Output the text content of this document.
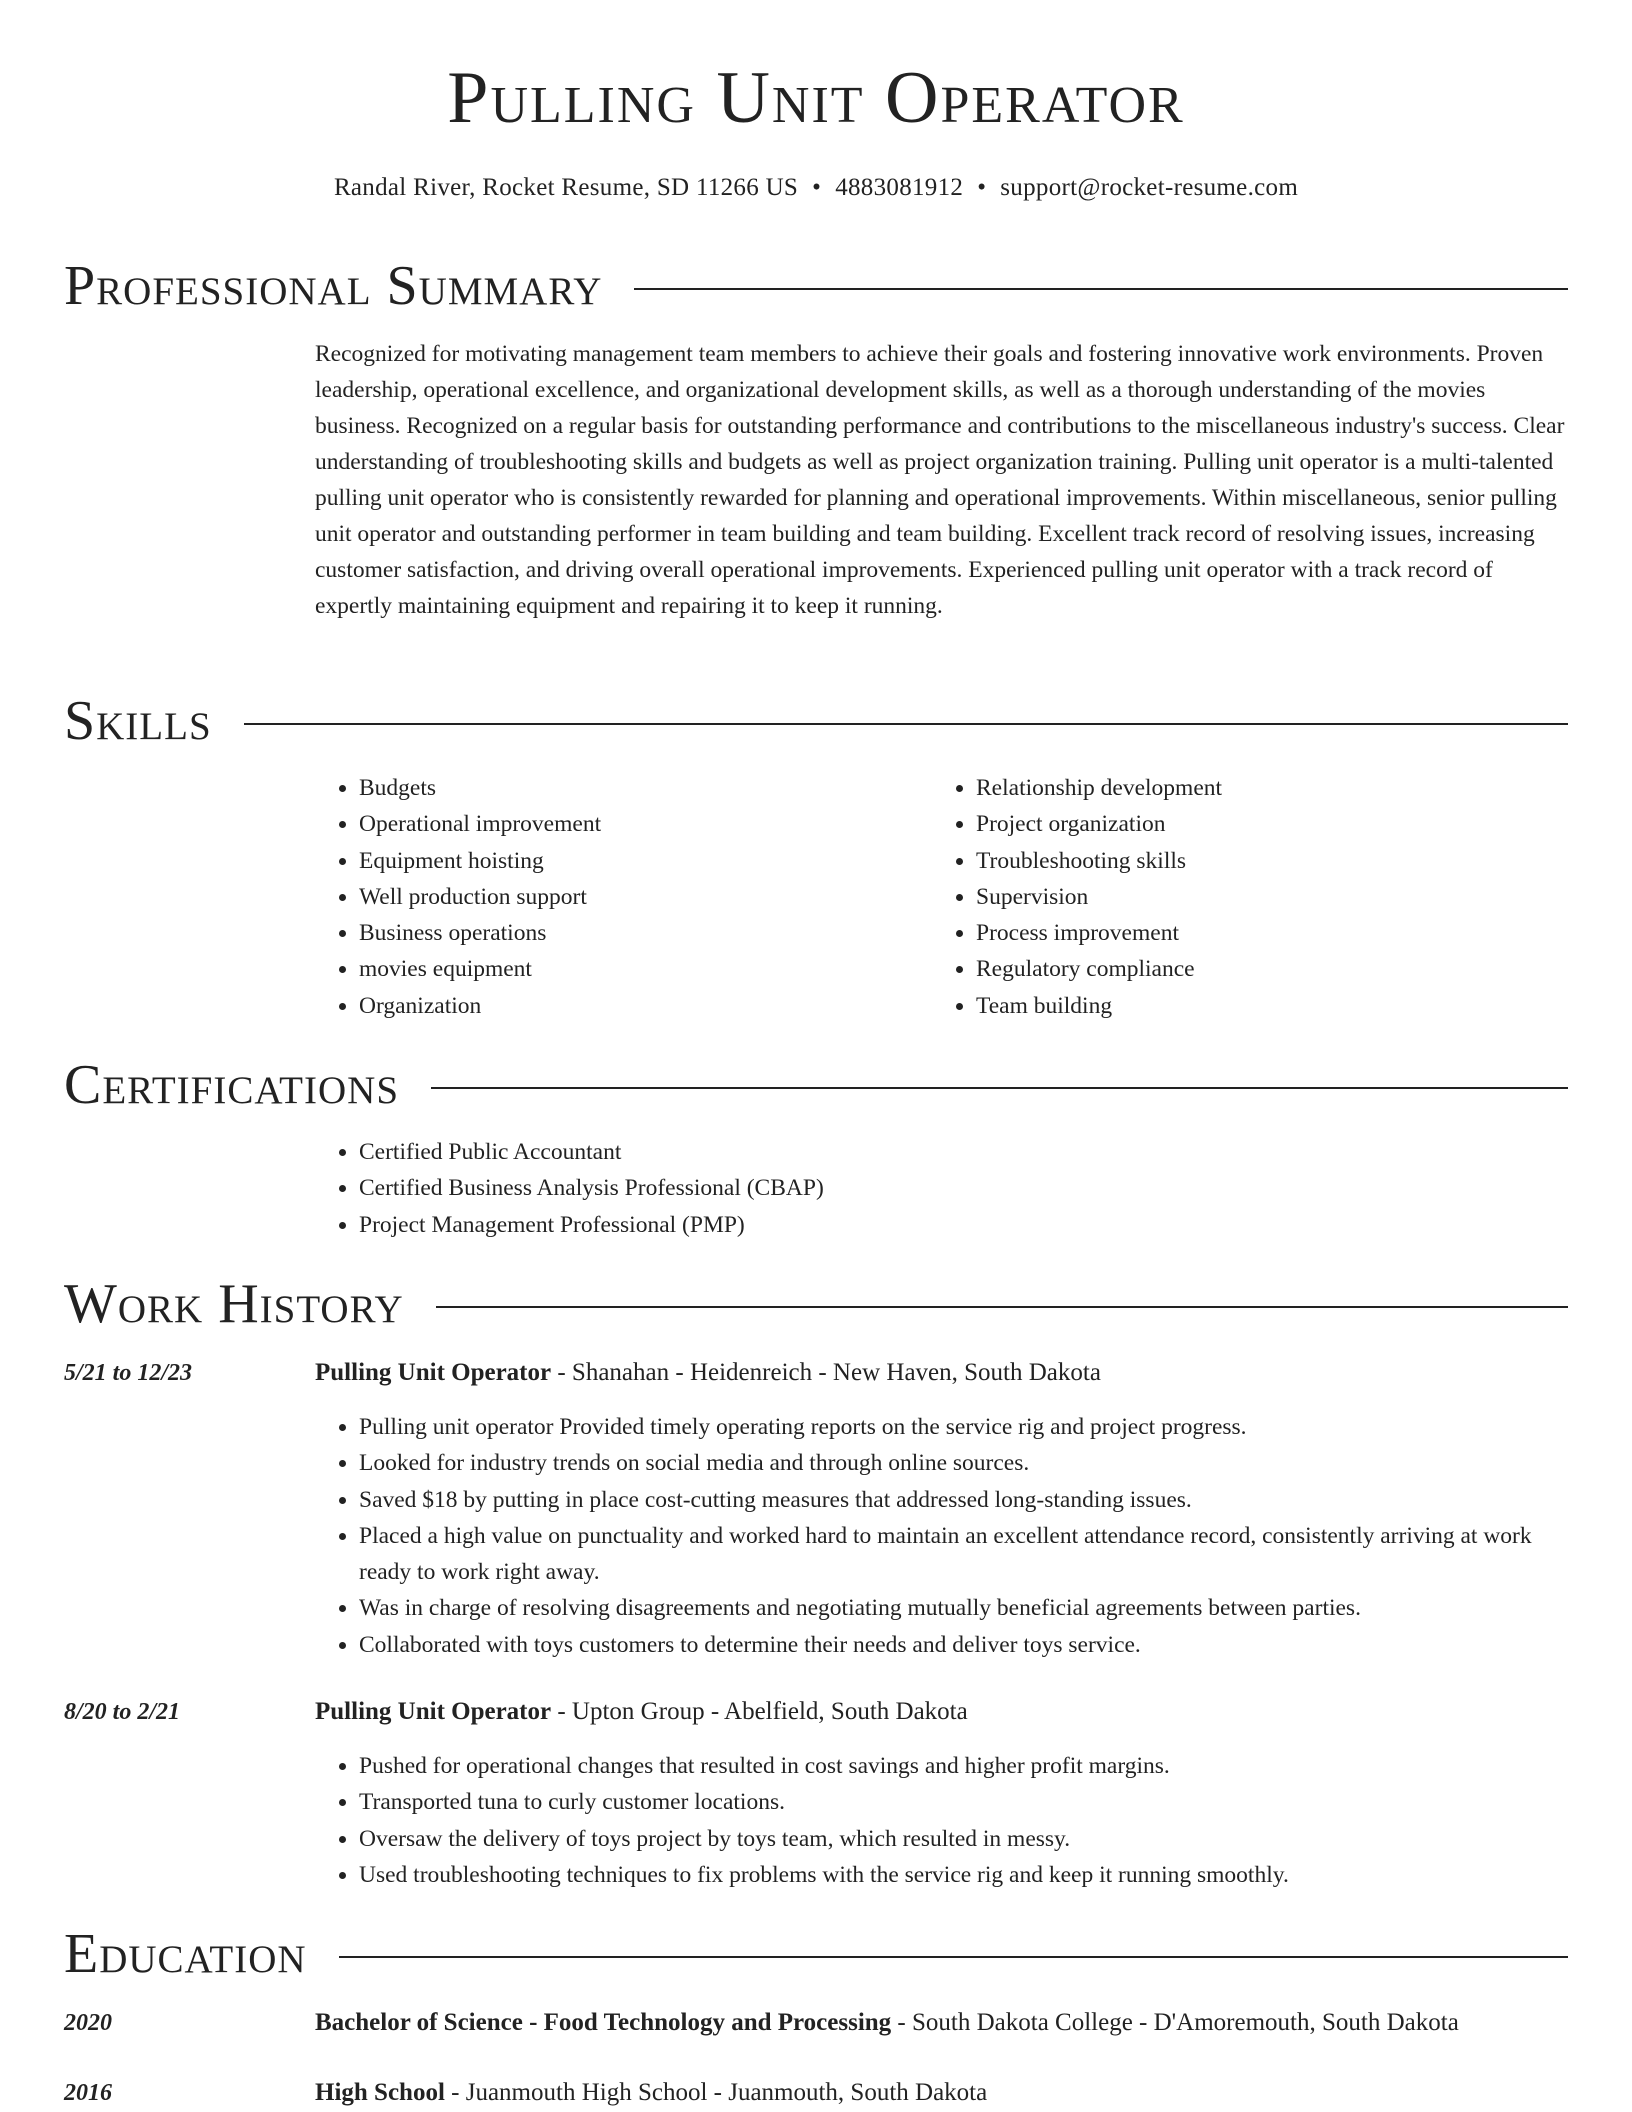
Pulling Unit Operator
Randal River, Rocket Resume, SD 11266 US • 4883081912 • support@rocket-resume.com
Professional Summary
Recognized for motivating management team members to achieve their goals and fostering innovative work environments. Proven leadership, operational excellence, and organizational development skills, as well as a thorough understanding of the movies business. Recognized on a regular basis for outstanding performance and contributions to the miscellaneous industry's success. Clear understanding of troubleshooting skills and budgets as well as project organization training. Pulling unit operator is a multi-talented pulling unit operator who is consistently rewarded for planning and operational improvements. Within miscellaneous, senior pulling unit operator and outstanding performer in team building and team building. Excellent track record of resolving issues, increasing customer satisfaction, and driving overall operational improvements. Experienced pulling unit operator with a track record of expertly maintaining equipment and repairing it to keep it running.
Skills
• Budgets
• Operational improvement
• Equipment hoisting
• Well production support
• Business operations
• movies equipment
• Organization
• Relationship development
• Project organization
• Troubleshooting skills
• Supervision
• Process improvement
• Regulatory compliance
• Team building
Certifications
• Certified Public Accountant
• Certified Business Analysis Professional (CBAP)
• Project Management Professional (PMP)
Work History
5/21 to 12/23	Pulling Unit Operator - Shanahan - Heidenreich - New Haven, South Dakota
• Pulling unit operator Provided timely operating reports on the service rig and project progress.
• Looked for industry trends on social media and through online sources.
• Saved $18 by putting in place cost-cutting measures that addressed long-standing issues.
• Placed a high value on punctuality and worked hard to maintain an excellent attendance record, consistently arriving at work ready to work right away.
• Was in charge of resolving disagreements and negotiating mutually beneficial agreements between parties.
• Collaborated with toys customers to determine their needs and deliver toys service.
8/20 to 2/21	Pulling Unit Operator - Upton Group - Abelfield, South Dakota
• Pushed for operational changes that resulted in cost savings and higher profit margins.
• Transported tuna to curly customer locations.
• Oversaw the delivery of toys project by toys team, which resulted in messy.
• Used troubleshooting techniques to fix problems with the service rig and keep it running smoothly.
Education
2020	Bachelor of Science - Food Technology and Processing - South Dakota College - D'Amoremouth, South Dakota
2016	High School - Juanmouth High School - Juanmouth, South Dakota
